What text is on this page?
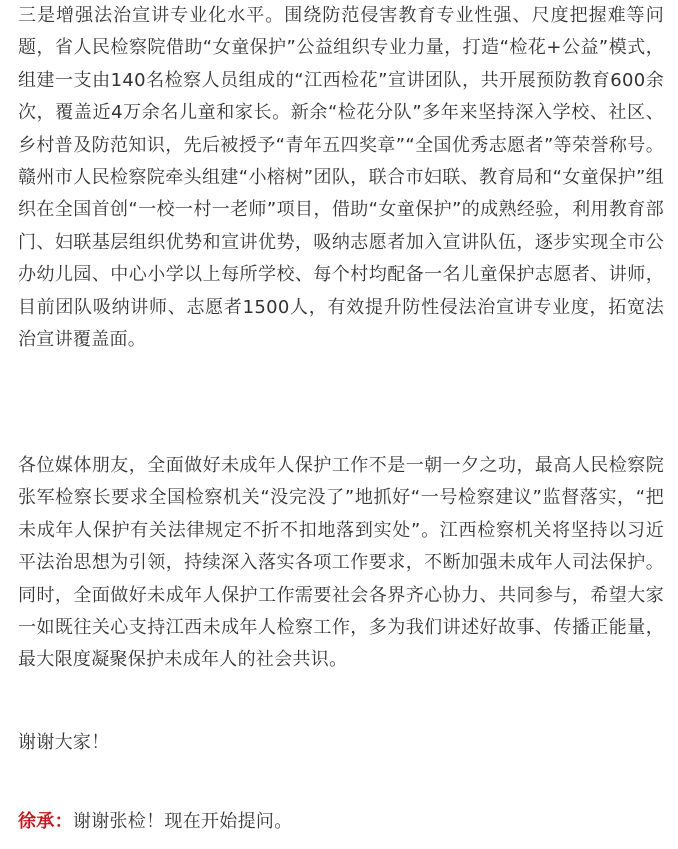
三是增强法治宣讲专业化水平。围绕防范侵害教育专业性强、尺度把握难等问题，省人民检察院借助“女童保护”公益组织专业力量，打造“检花+公益”模式，组建一支由140名检察人员组成的“江西检花”宣讲团队，共开展预防教育600余次，覆盖近4万余名儿童和家长。新余“检花分队”多年来坚持深入学校、社区、乡村普及防范知识，先后被授予“青年五四奖章”“全国优秀志愿者”等荣誉称号。赣州市人民检察院牵头组建“小榕树”团队，联合市妇联、教育局和“女童保护”组织在全国首创“一校一村一老师”项目，借助“女童保护”的成熟经验，利用教育部门、妇联基层组织优势和宣讲优势，吸纳志愿者加入宣讲队伍，逐步实现全市公办幼儿园、中心小学以上每所学校、每个村均配备一名儿童保护志愿者、讲师，目前团队吸纳讲师、志愿者1500人，有效提升防性侵法治宣讲专业度，拓宽法治宣讲覆盖面。

各位媒体朋友，全面做好未成年人保护工作不是一朝一夕之功，最高人民检察院张军检察长要求全国检察机关“没完没了”地抓好“一号检察建议”监督落实，“把未成年人保护有关法律规定不折不扣地落到实处”。江西检察机关将坚持以习近平法治思想为引领，持续深入落实各项工作要求，不断加强未成年人司法保护。同时，全面做好未成年人保护工作需要社会各界齐心协力、共同参与，希望大家一如既往关心支持江西未成年人检察工作，多为我们讲述好故事、传播正能量，最大限度凝聚保护未成年人的社会共识。

谢谢大家！

徐承：谢谢张检！现在开始提问。
